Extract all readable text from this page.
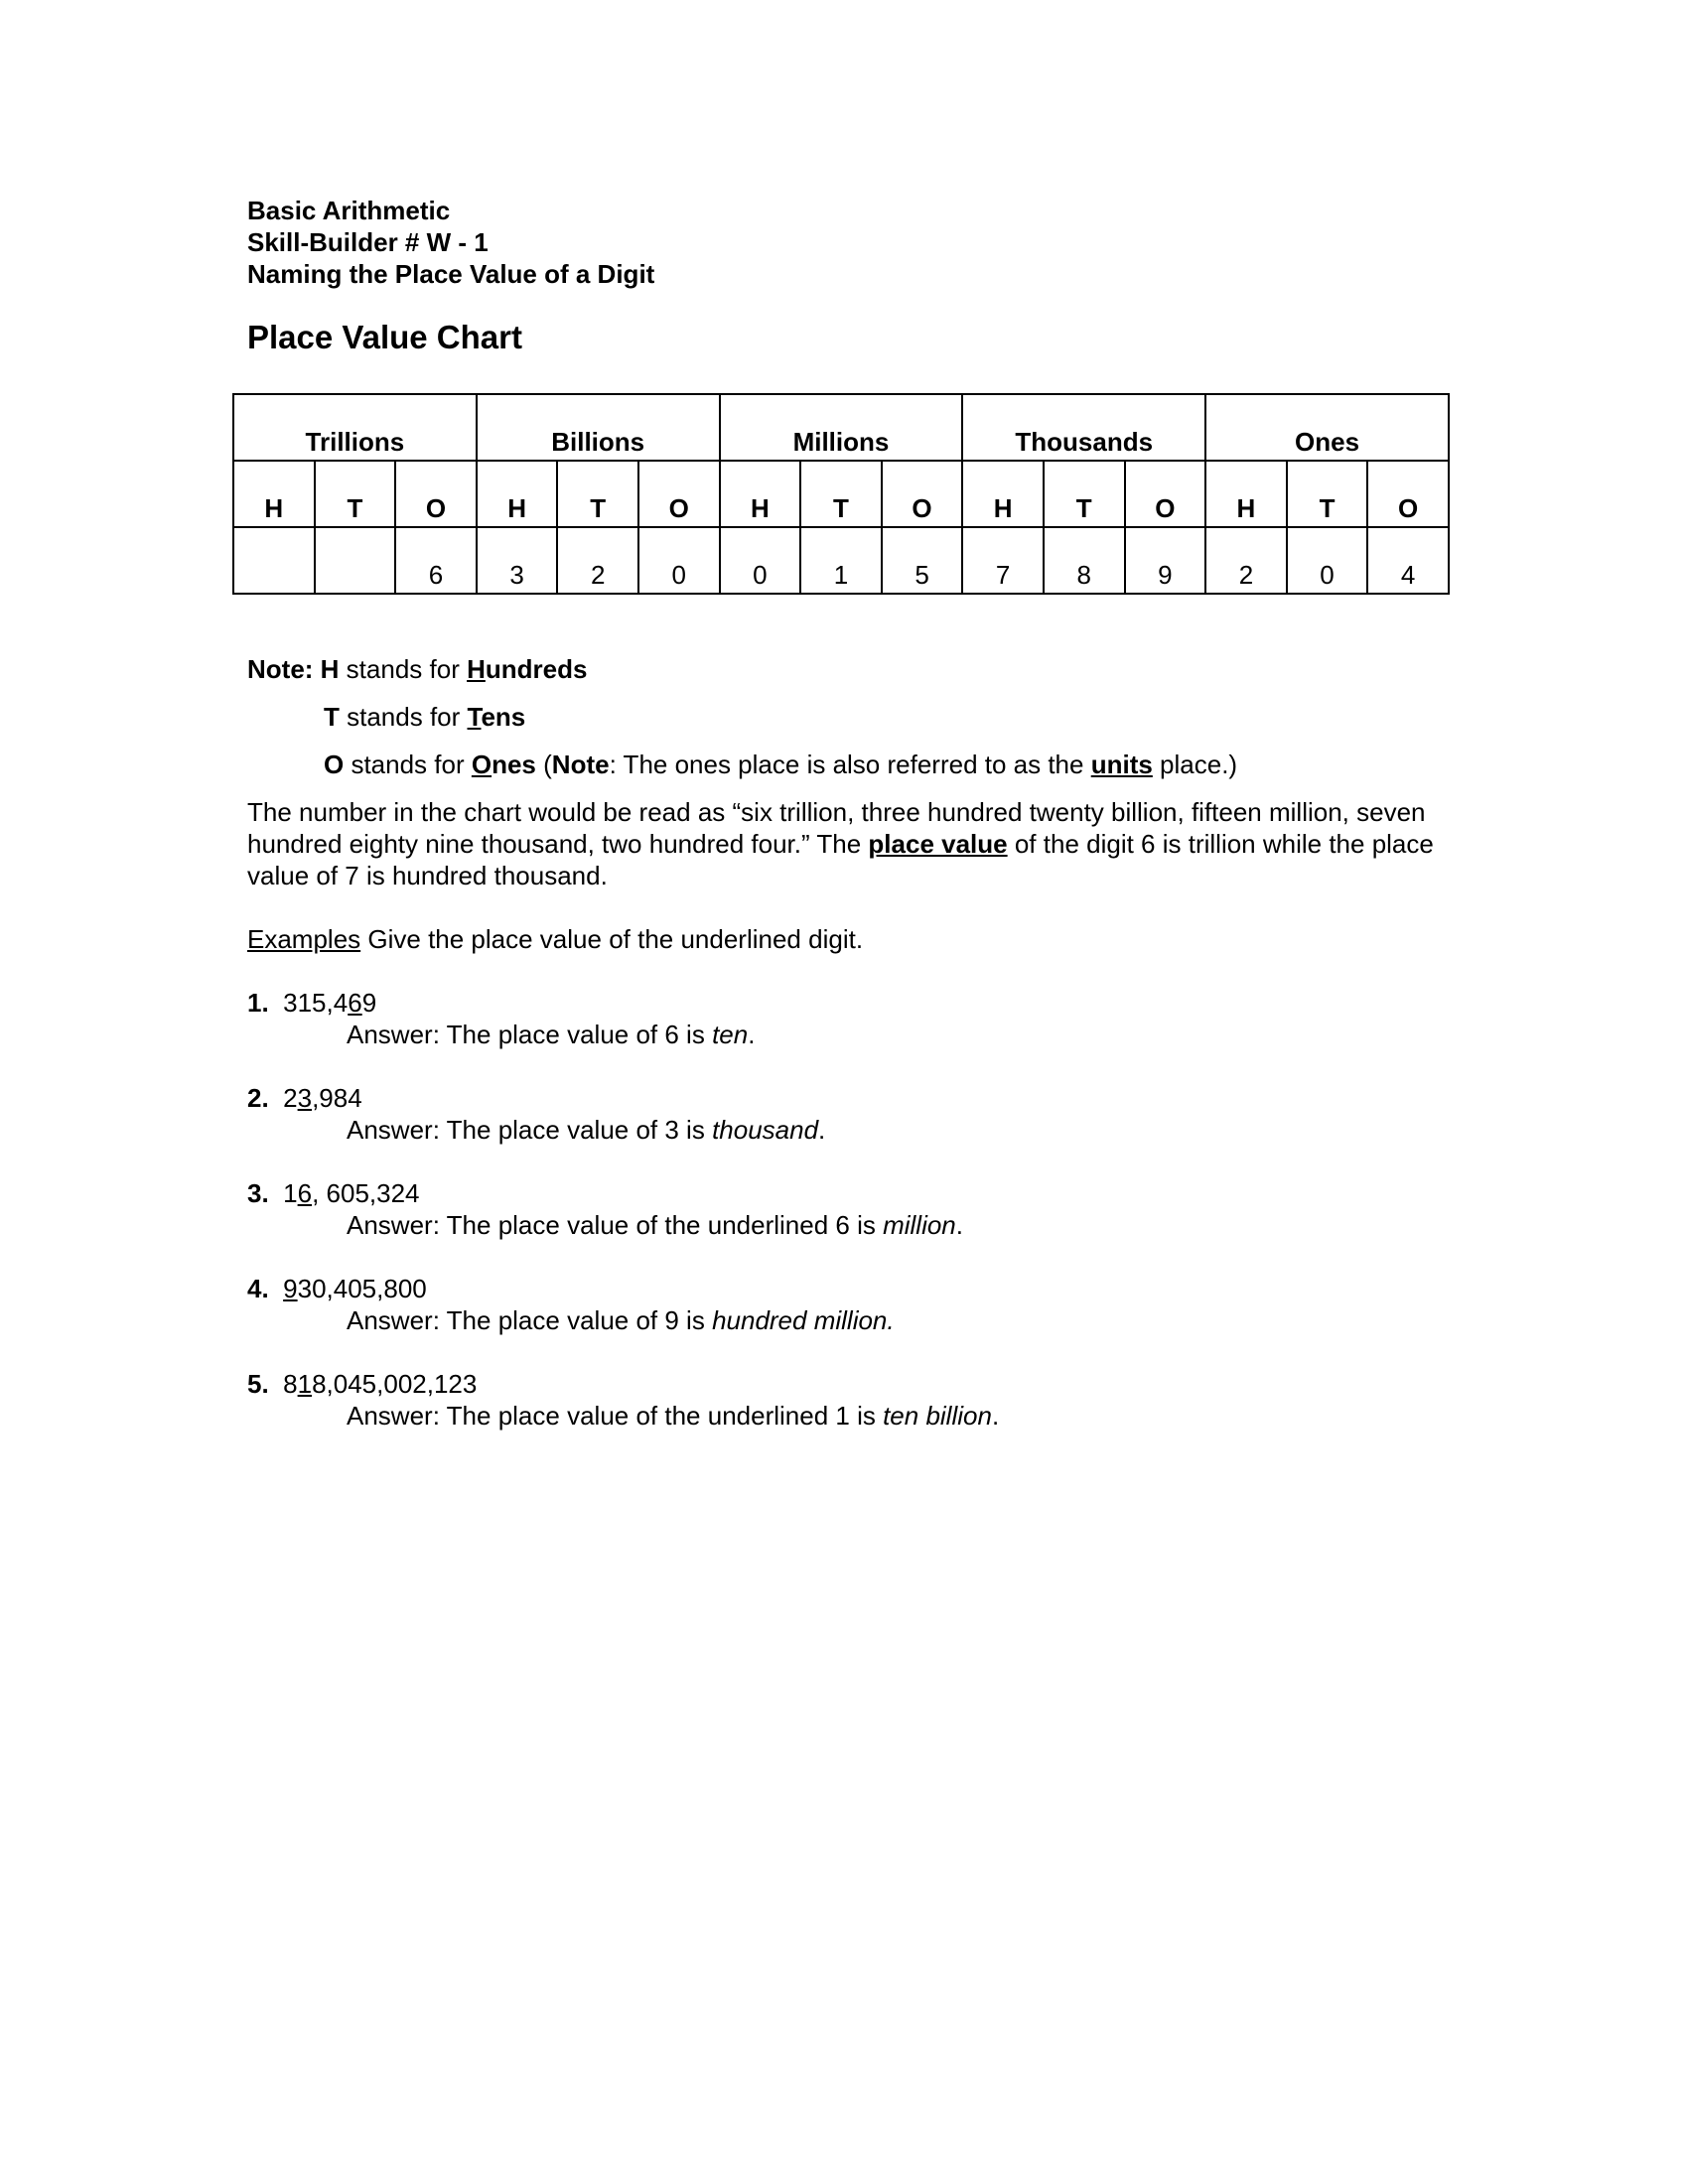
Basic Arithmetic
Skill-Builder # W - 1
Naming the Place Value of a Digit
Place Value Chart
Trillions			Billions			Millions			Thousands			Ones		
H	T	O	H	T	O	H	T	O	H	T	O	H	T	O
		6	3	2	0	0	1	5	7	8	9	2	0	4
Note: H stands for Hundreds
T stands for Tens
O stands for Ones (Note: The ones place is also referred to as the units place.)
The number in the chart would be read as “six trillion, three hundred twenty billion, fifteen million, seven hundred eighty nine thousand, two hundred four.” The place value of the digit 6 is trillion while the place value of 7 is hundred thousand.
Examples Give the place value of the underlined digit.
1. 315,469
Answer: The place value of 6 is ten.
2. 23,984
Answer: The place value of 3 is thousand.
3. 16, 605,324
Answer: The place value of the underlined 6 is million.
4. 930,405,800
Answer: The place value of 9 is hundred million.
5. 818,045,002,123
Answer: The place value of the underlined 1 is ten billion.
